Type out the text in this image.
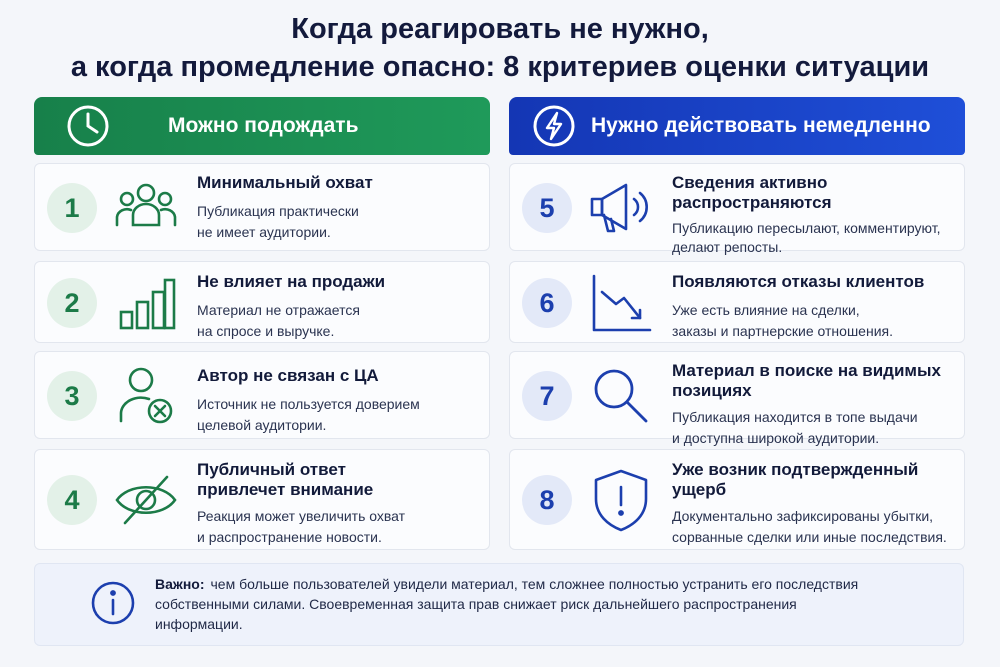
Когда реагировать не нужно,
а когда промедление опасно: 8 критериев оценки ситуации
Можно подождать
1
Минимальный охват
Публикация практически
не имеет аудитории.
2
Не влияет на продажи
Материал не отражается
на спросе и выручке.
3
Автор не связан с ЦА
Источник не пользуется доверием
целевой аудитории.
4
Публичный ответ
привлечет внимание
Реакция может увеличить охват
и распространение новости.
Нужно действовать немедленно
5
Сведения активно
распространяются
Публикацию пересылают, комментируют,
делают репосты.
6
Появляются отказы клиентов
Уже есть влияние на сделки,
заказы и партнерские отношения.
7
Материал в поиске на видимых
позициях
Публикация находится в топе выдачи
и доступна широкой аудитории.
8
Уже возник подтвержденный
ущерб
Документально зафиксированы убытки,
сорванные сделки или иные последствия.
Важно: чем больше пользователей увидели материал, тем сложнее полностью устранить его последствия собственными силами. Своевременная защита прав снижает риск дальнейшего распространения информации.
